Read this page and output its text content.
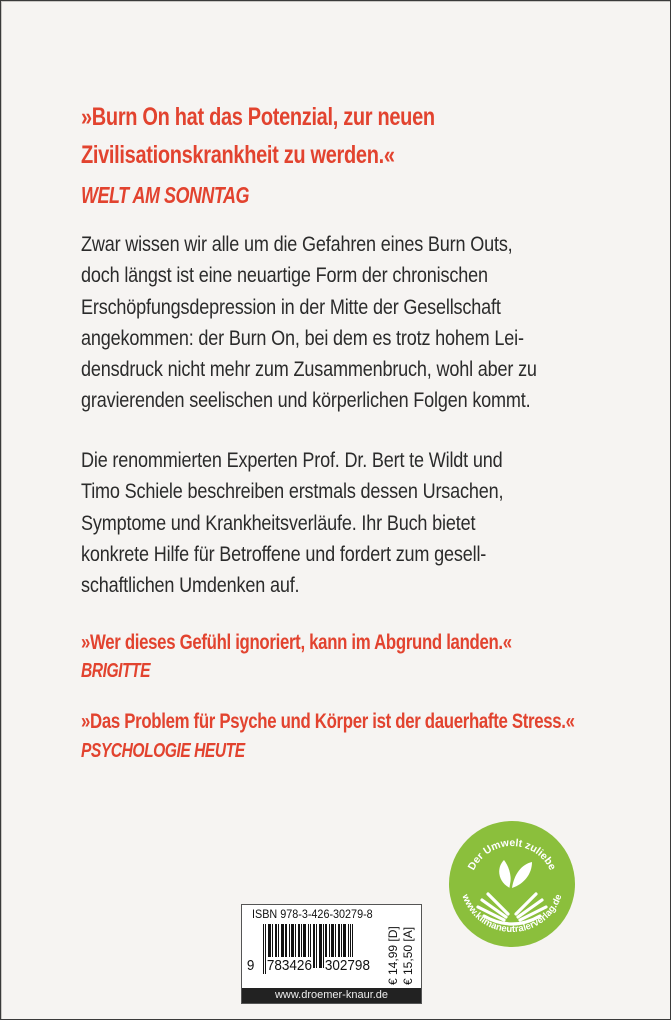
»Burn On hat das Potenzial, zur neuen
Zivilisationskrankheit zu werden.«
WELT AM SONNTAG
Zwar wissen wir alle um die Gefahren eines Burn Outs,
doch längst ist eine neuartige Form der chronischen
Erschöpfungsdepression in der Mitte der Gesellschaft
angekommen: der Burn On, bei dem es trotz hohem Lei-
densdruck nicht mehr zum Zusammenbruch, wohl aber zu
gravierenden seelischen und körperlichen Folgen kommt.
Die renommierten Experten Prof. Dr. Bert te Wildt und
Timo Schiele beschreiben erstmals dessen Ursachen,
Symptome und Krankheitsverläufe. Ihr Buch bietet
konkrete Hilfe für Betroffene und fordert zum gesell-
schaftlichen Umdenken auf.
»Wer dieses Gefühl ignoriert, kann im Abgrund landen.«
BRIGITTE
»Das Problem für Psyche und Körper ist der dauerhafte Stress.«
PSYCHOLOGIE HEUTE
Der Umwelt zuliebe
www.klimaneutralerverlag.de
ISBN 978-3-426-30279-8
9 783426 302798 € 14,99 [D] € 15,50 [A]
www.droemer-knaur.de
